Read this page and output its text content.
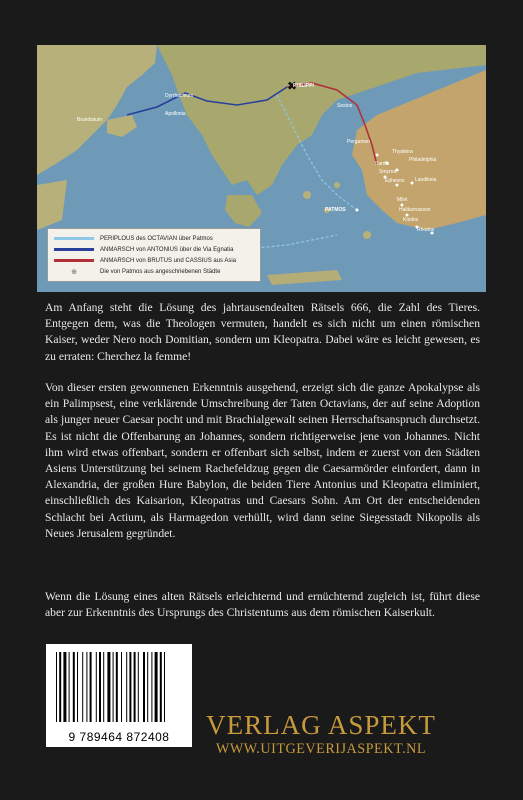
✖
PHILIPPI
Brundisium
Dyrrhachium
Apollonia
Sestos
Pergamon
Thyateira
Sardis
Philadelphia
Smyrna
Ephesos Laodikeia
PATMOS
Milet
Halikarnassos
Knidos
Rhodos
PERIPLOUS des OCTAVIAN über Patmos
ANMARSCH von ANTONIUS über die Via Egnatia
ANMARSCH von BRUTUS und CASSIUS aus Asia
⊕	Die von Patmos aus angeschriebenen Städte
Am Anfang steht die Lösung des jahrtausendealten Rätsels 666, die Zahl des Tieres. Entgegen dem, was die Theologen vermuten, handelt es sich nicht um einen römischen Kaiser, weder Nero noch Domitian, sondern um Kleopatra. Dabei wäre es leicht gewesen, es zu erraten: Cherchez la femme!
Von dieser ersten gewonnenen Erkenntnis ausgehend, erzeigt sich die ganze Apokalypse als ein Palimpsest, eine verklärende Umschreibung der Taten Octavians, der auf seine Adoption als junger neuer Caesar pocht und mit Brachialgewalt seinen Herrschaftsanspruch durchsetzt. Es ist nicht die Offenbarung an Johannes, sondern richtigerweise jene von Johannes. Nicht ihm wird etwas offenbart, sondern er offenbart sich selbst, indem er zuerst von den Städten Asiens Unterstützung bei seinem Rachefeldzug gegen die Caesarmörder einfordert, dann in Alexandria, der großen Hure Babylon, die beiden Tiere Antonius und Kleopatra eliminiert, einschließlich des Kaisarion, Kleopatras und Caesars Sohn. Am Ort der entscheidenden Schlacht bei Actium, als Harmagedon verhüllt, wird dann seine Siegesstadt Nikopolis als Neues Jerusalem gegründet.
Wenn die Lösung eines alten Rätsels erleichternd und ernüchternd zugleich ist, führt diese aber zur Erkenntnis des Ursprungs des Christentums aus dem römischen Kaiserkult.
9 789464 872408	VERLAG ASPEKT
WWW.UITGEVERIJASPEKT.NL
